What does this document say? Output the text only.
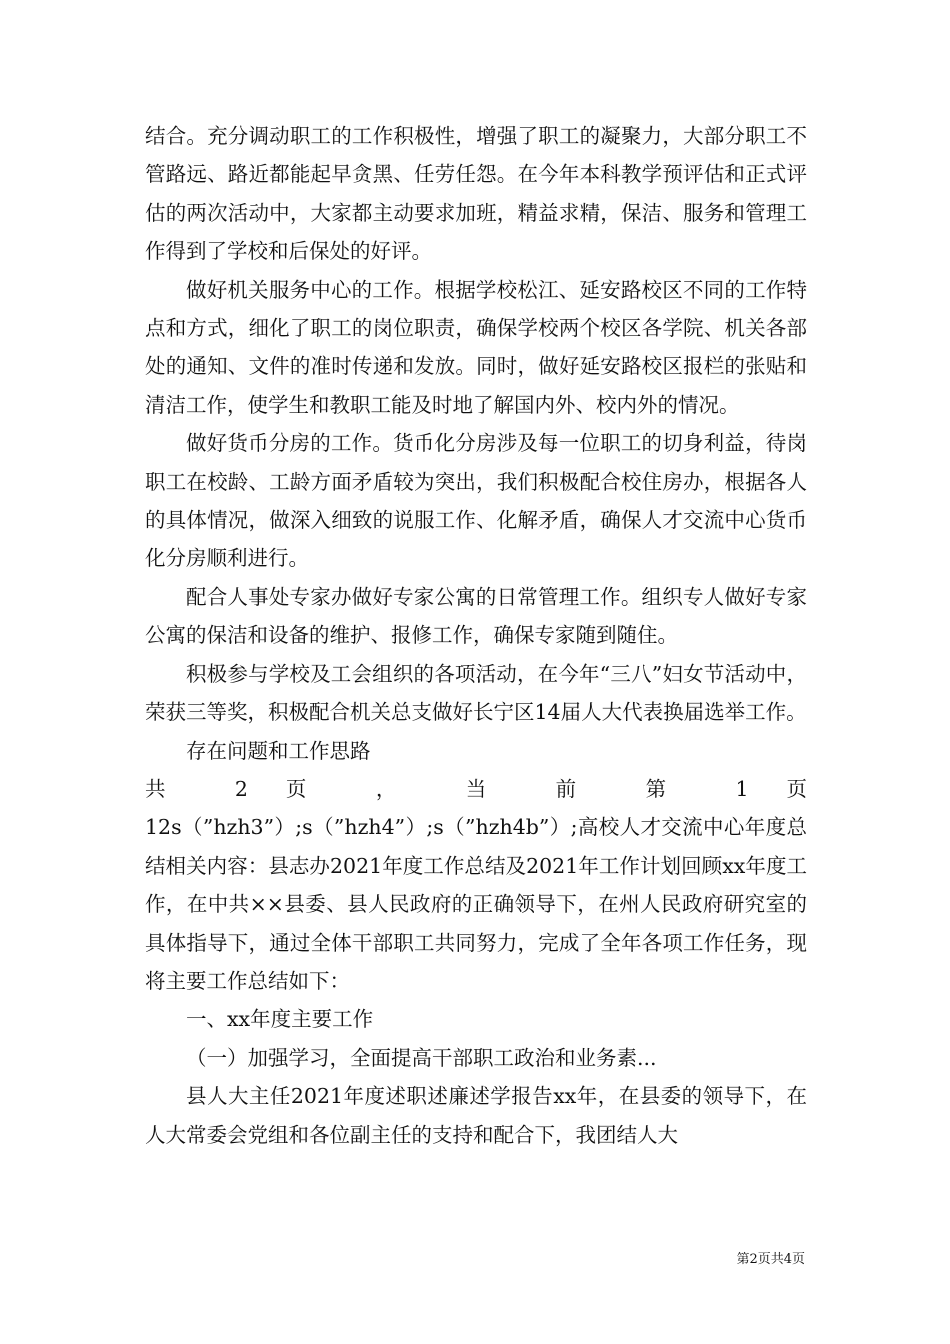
结合。充分调动职工的工作积极性，增强了职工的凝聚力，大部分职工不管路远、路近都能起早贪黑、任劳任怨。在今年本科教学预评估和正式评估的两次活动中，大家都主动要求加班，精益求精，保洁、服务和管理工作得到了学校和后保处的好评。

做好机关服务中心的工作。根据学校松江、延安路校区不同的工作特点和方式，细化了职工的岗位职责，确保学校两个校区各学院、机关各部处的通知、文件的准时传递和发放。同时，做好延安路校区报栏的张贴和清洁工作，使学生和教职工能及时地了解国内外、校内外的情况。

做好货币分房的工作。货币化分房涉及每一位职工的切身利益，待岗职工在校龄、工龄方面矛盾较为突出，我们积极配合校住房办，根据各人的具体情况，做深入细致的说服工作、化解矛盾，确保人才交流中心货币化分房顺利进行。

配合人事处专家办做好专家公寓的日常管理工作。组织专人做好专家公寓的保洁和设备的维护、报修工作，确保专家随到随住。

积极参与学校及工会组织的各项活动，在今年“三八”妇女节活动中，荣获三等奖，积极配合机关总支做好长宁区14届人大代表换届选举工作。

存在问题和工作思路

共 2 页 ， 当 前 第 1 页

12s（”hzh3”）;s（”hzh4”）;s（”hzh4b”）;高校人才交流中心年度总结相关内容：县志办2021年度工作总结及2021年工作计划回顾xx年度工作，在中共××县委、县人民政府的正确领导下，在州人民政府研究室的具体指导下，通过全体干部职工共同努力，完成了全年各项工作任务，现将主要工作总结如下：

一、xx年度主要工作

（一）加强学习，全面提高干部职工政治和业务素...

县人大主任2021年度述职述廉述学报告xx年，在县委的领导下，在人大常委会党组和各位副主任的支持和配合下，我团结人大

第2页共4页
